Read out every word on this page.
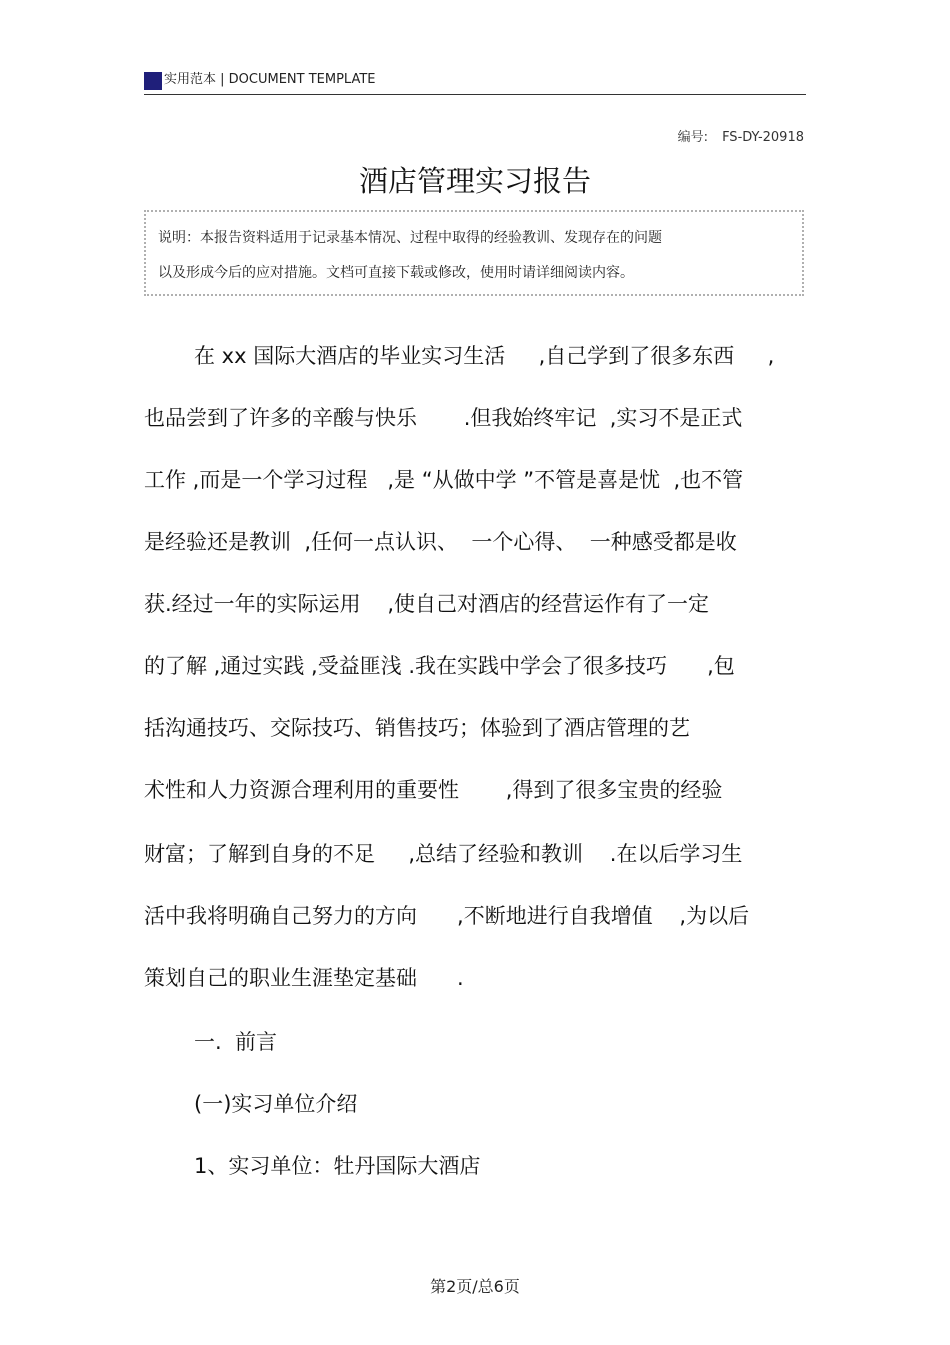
实用范本 | DOCUMENT TEMPLATE
编号: FS-DY-20918
酒店管理实习报告
说明：本报告资料适用于记录基本情况、过程中取得的经验教训、发现存在的问题
以及形成今后的应对措施。文档可直接下载或修改，使用时请详细阅读内容。
在 xx 国际大酒店的毕业实习生活     ,自己学到了很多东西     ,
也品尝到了许多的辛酸与快乐       .但我始终牢记  ,实习不是正式
工作 ,而是一个学习过程   ,是 “从做中学 ”不管是喜是忧  ,也不管
是经验还是教训  ,任何一点认识、  一个心得、  一种感受都是收
获.经过一年的实际运用    ,使自己对酒店的经营运作有了一定
的了解 ,通过实践 ,受益匪浅 .我在实践中学会了很多技巧      ,包
括沟通技巧、交际技巧、销售技巧；体验到了酒店管理的艺
术性和人力资源合理利用的重要性       ,得到了很多宝贵的经验
财富；了解到自身的不足     ,总结了经验和教训    .在以后学习生
活中我将明确自己努力的方向      ,不断地进行自我增值    ,为以后
策划自己的职业生涯垫定基础      .
一.  前言
(一)实习单位介绍
1、实习单位：牡丹国际大酒店
第2页/总6页
